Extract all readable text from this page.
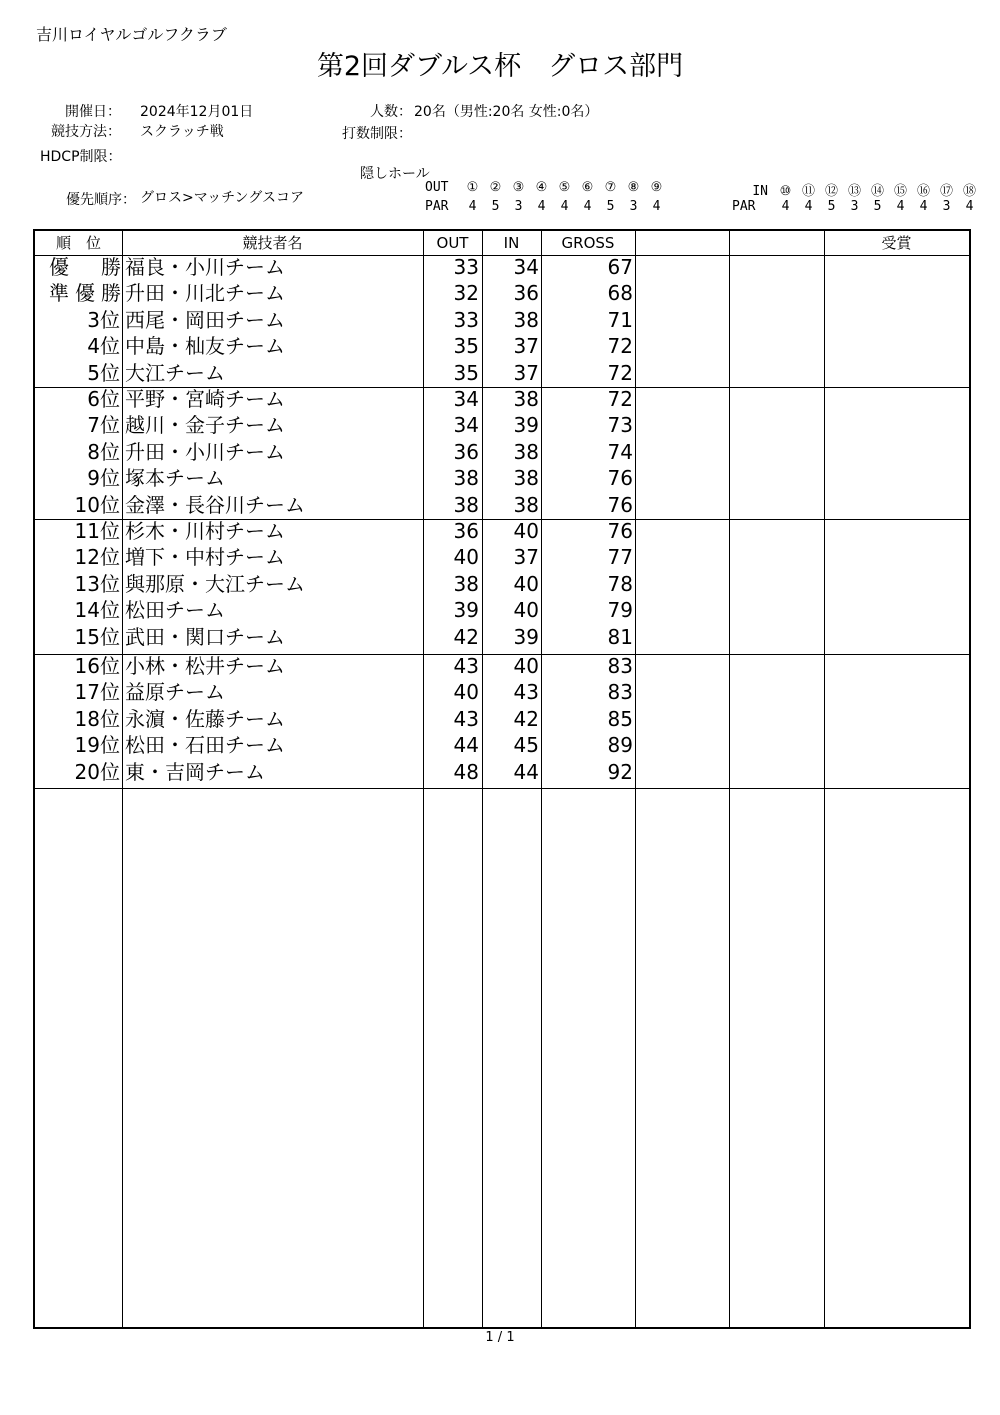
吉川ロイヤルゴルフクラブ
第2回ダブルス杯　グロス部門
開催日： 2024年12月01日
競技方法： スクラッチ戦
HDCP制限：
人数： 20名（男性:20名 女性:0名）
打数制限：
優先順序： グロス>マッチングスコア
隠しホール
OUT ① ② ③ ④ ⑤ ⑥ ⑦ ⑧ ⑨
PAR 4 5 3 4 4 4 5 3 4
IN ⑩ ⑪ ⑫ ⑬ ⑭ ⑮ ⑯ ⑰ ⑱
PAR 4 4 5 3 5 4 4 3 4
順　位	競技者名	OUT	IN	GROSS	受賞
優勝 福良・小川チーム	33	34	67
準優勝 升田・川北チーム	32	36	68
3位 西尾・岡田チーム	33	38	71
4位 中島・杣友チーム	35	37	72
5位 大江チーム	35	37	72
6位 平野・宮崎チーム	34	38	72
7位 越川・金子チーム	34	39	73
8位 升田・小川チーム	36	38	74
9位 塚本チーム	38	38	76
10位 金澤・長谷川チーム	38	38	76
11位 杉木・川村チーム	36	40	76
12位 増下・中村チーム	40	37	77
13位 與那原・大江チーム	38	40	78
14位 松田チーム	39	40	79
15位 武田・関口チーム	42	39	81
16位 小林・松井チーム	43	40	83
17位 益原チーム	40	43	83
18位 永濵・佐藤チーム	43	42	85
19位 松田・石田チーム	44	45	89
20位 東・吉岡チーム	48	44	92
1 / 1
